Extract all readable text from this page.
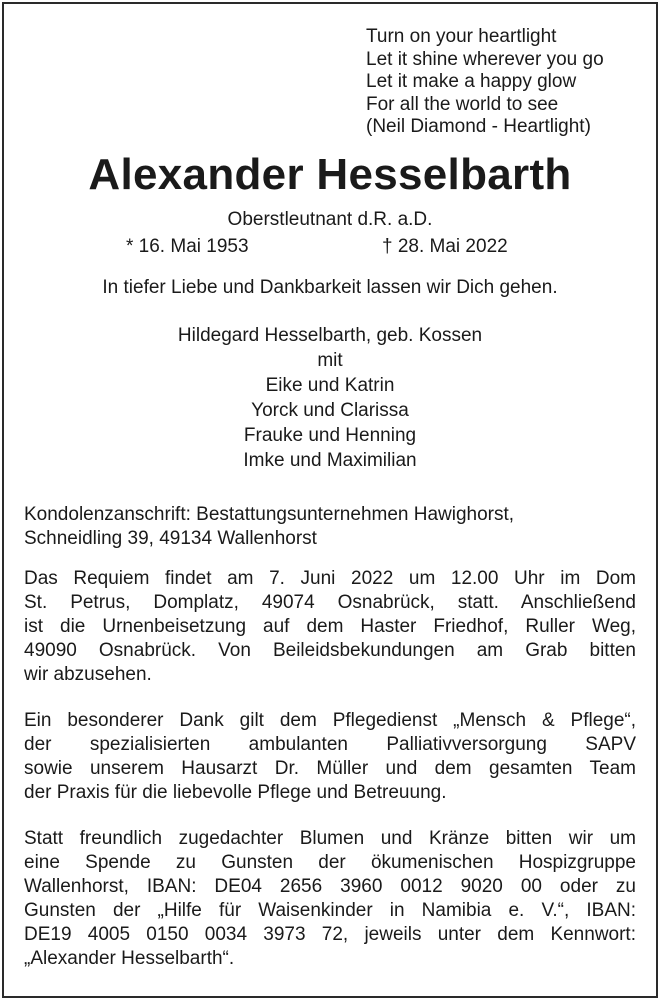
Turn on your heartlight
Let it shine wherever you go
Let it make a happy glow
For all the world to see
(Neil Diamond - Heartlight)
Alexander Hesselbarth
Oberstleutnant d.R. a.D.
* 16. Mai 1953	† 28. Mai 2022
In tiefer Liebe und Dankbarkeit lassen wir Dich gehen.
Hildegard Hesselbarth, geb. Kossen
mit
Eike und Katrin
Yorck und Clarissa
Frauke und Henning
Imke und Maximilian
Kondolenzanschrift: Bestattungsunternehmen Hawighorst,
Schneidling 39, 49134 Wallenhorst
Das Requiem findet am 7. Juni 2022 um 12.00 Uhr im Dom
St. Petrus, Domplatz, 49074 Osnabrück, statt. Anschließend
ist die Urnenbeisetzung auf dem Haster Friedhof, Ruller Weg,
49090 Osnabrück. Von Beileidsbekundungen am Grab bitten
wir abzusehen.
Ein besonderer Dank gilt dem Pflegedienst „Mensch & Pflege“,
der spezialisierten ambulanten Palliativversorgung SAPV
sowie unserem Hausarzt Dr. Müller und dem gesamten Team
der Praxis für die liebevolle Pflege und Betreuung.
Statt freundlich zugedachter Blumen und Kränze bitten wir um
eine Spende zu Gunsten der ökumenischen Hospizgruppe
Wallenhorst, IBAN: DE04 2656 3960 0012 9020 00 oder zu
Gunsten der „Hilfe für Waisenkinder in Namibia e. V.“, IBAN:
DE19 4005 0150 0034 3973 72, jeweils unter dem Kennwort:
„Alexander Hesselbarth“.
